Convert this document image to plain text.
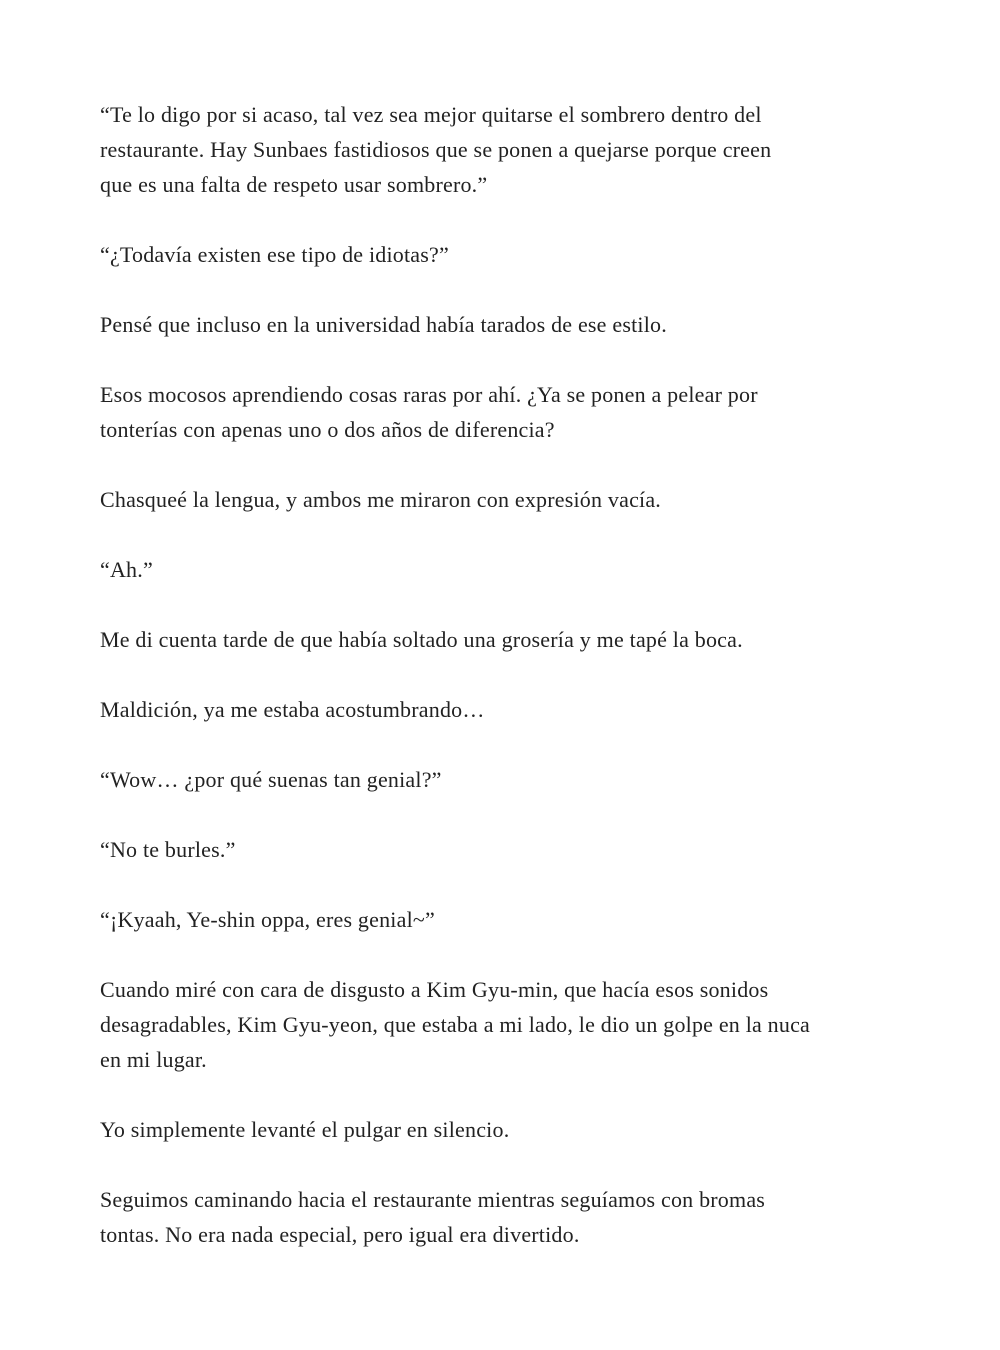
“Te lo digo por si acaso, tal vez sea mejor quitarse el sombrero dentro del
restaurante. Hay Sunbaes fastidiosos que se ponen a quejarse porque creen
que es una falta de respeto usar sombrero.”

“¿Todavía existen ese tipo de idiotas?”

Pensé que incluso en la universidad había tarados de ese estilo.

Esos mocosos aprendiendo cosas raras por ahí. ¿Ya se ponen a pelear por
tonterías con apenas uno o dos años de diferencia?

Chasqueé la lengua, y ambos me miraron con expresión vacía.

“Ah.”

Me di cuenta tarde de que había soltado una grosería y me tapé la boca.

Maldición, ya me estaba acostumbrando…

“Wow… ¿por qué suenas tan genial?”

“No te burles.”

“¡Kyaah, Ye-shin oppa, eres genial~”

Cuando miré con cara de disgusto a Kim Gyu-min, que hacía esos sonidos
desagradables, Kim Gyu-yeon, que estaba a mi lado, le dio un golpe en la nuca
en mi lugar.

Yo simplemente levanté el pulgar en silencio.

Seguimos caminando hacia el restaurante mientras seguíamos con bromas
tontas. No era nada especial, pero igual era divertido.
